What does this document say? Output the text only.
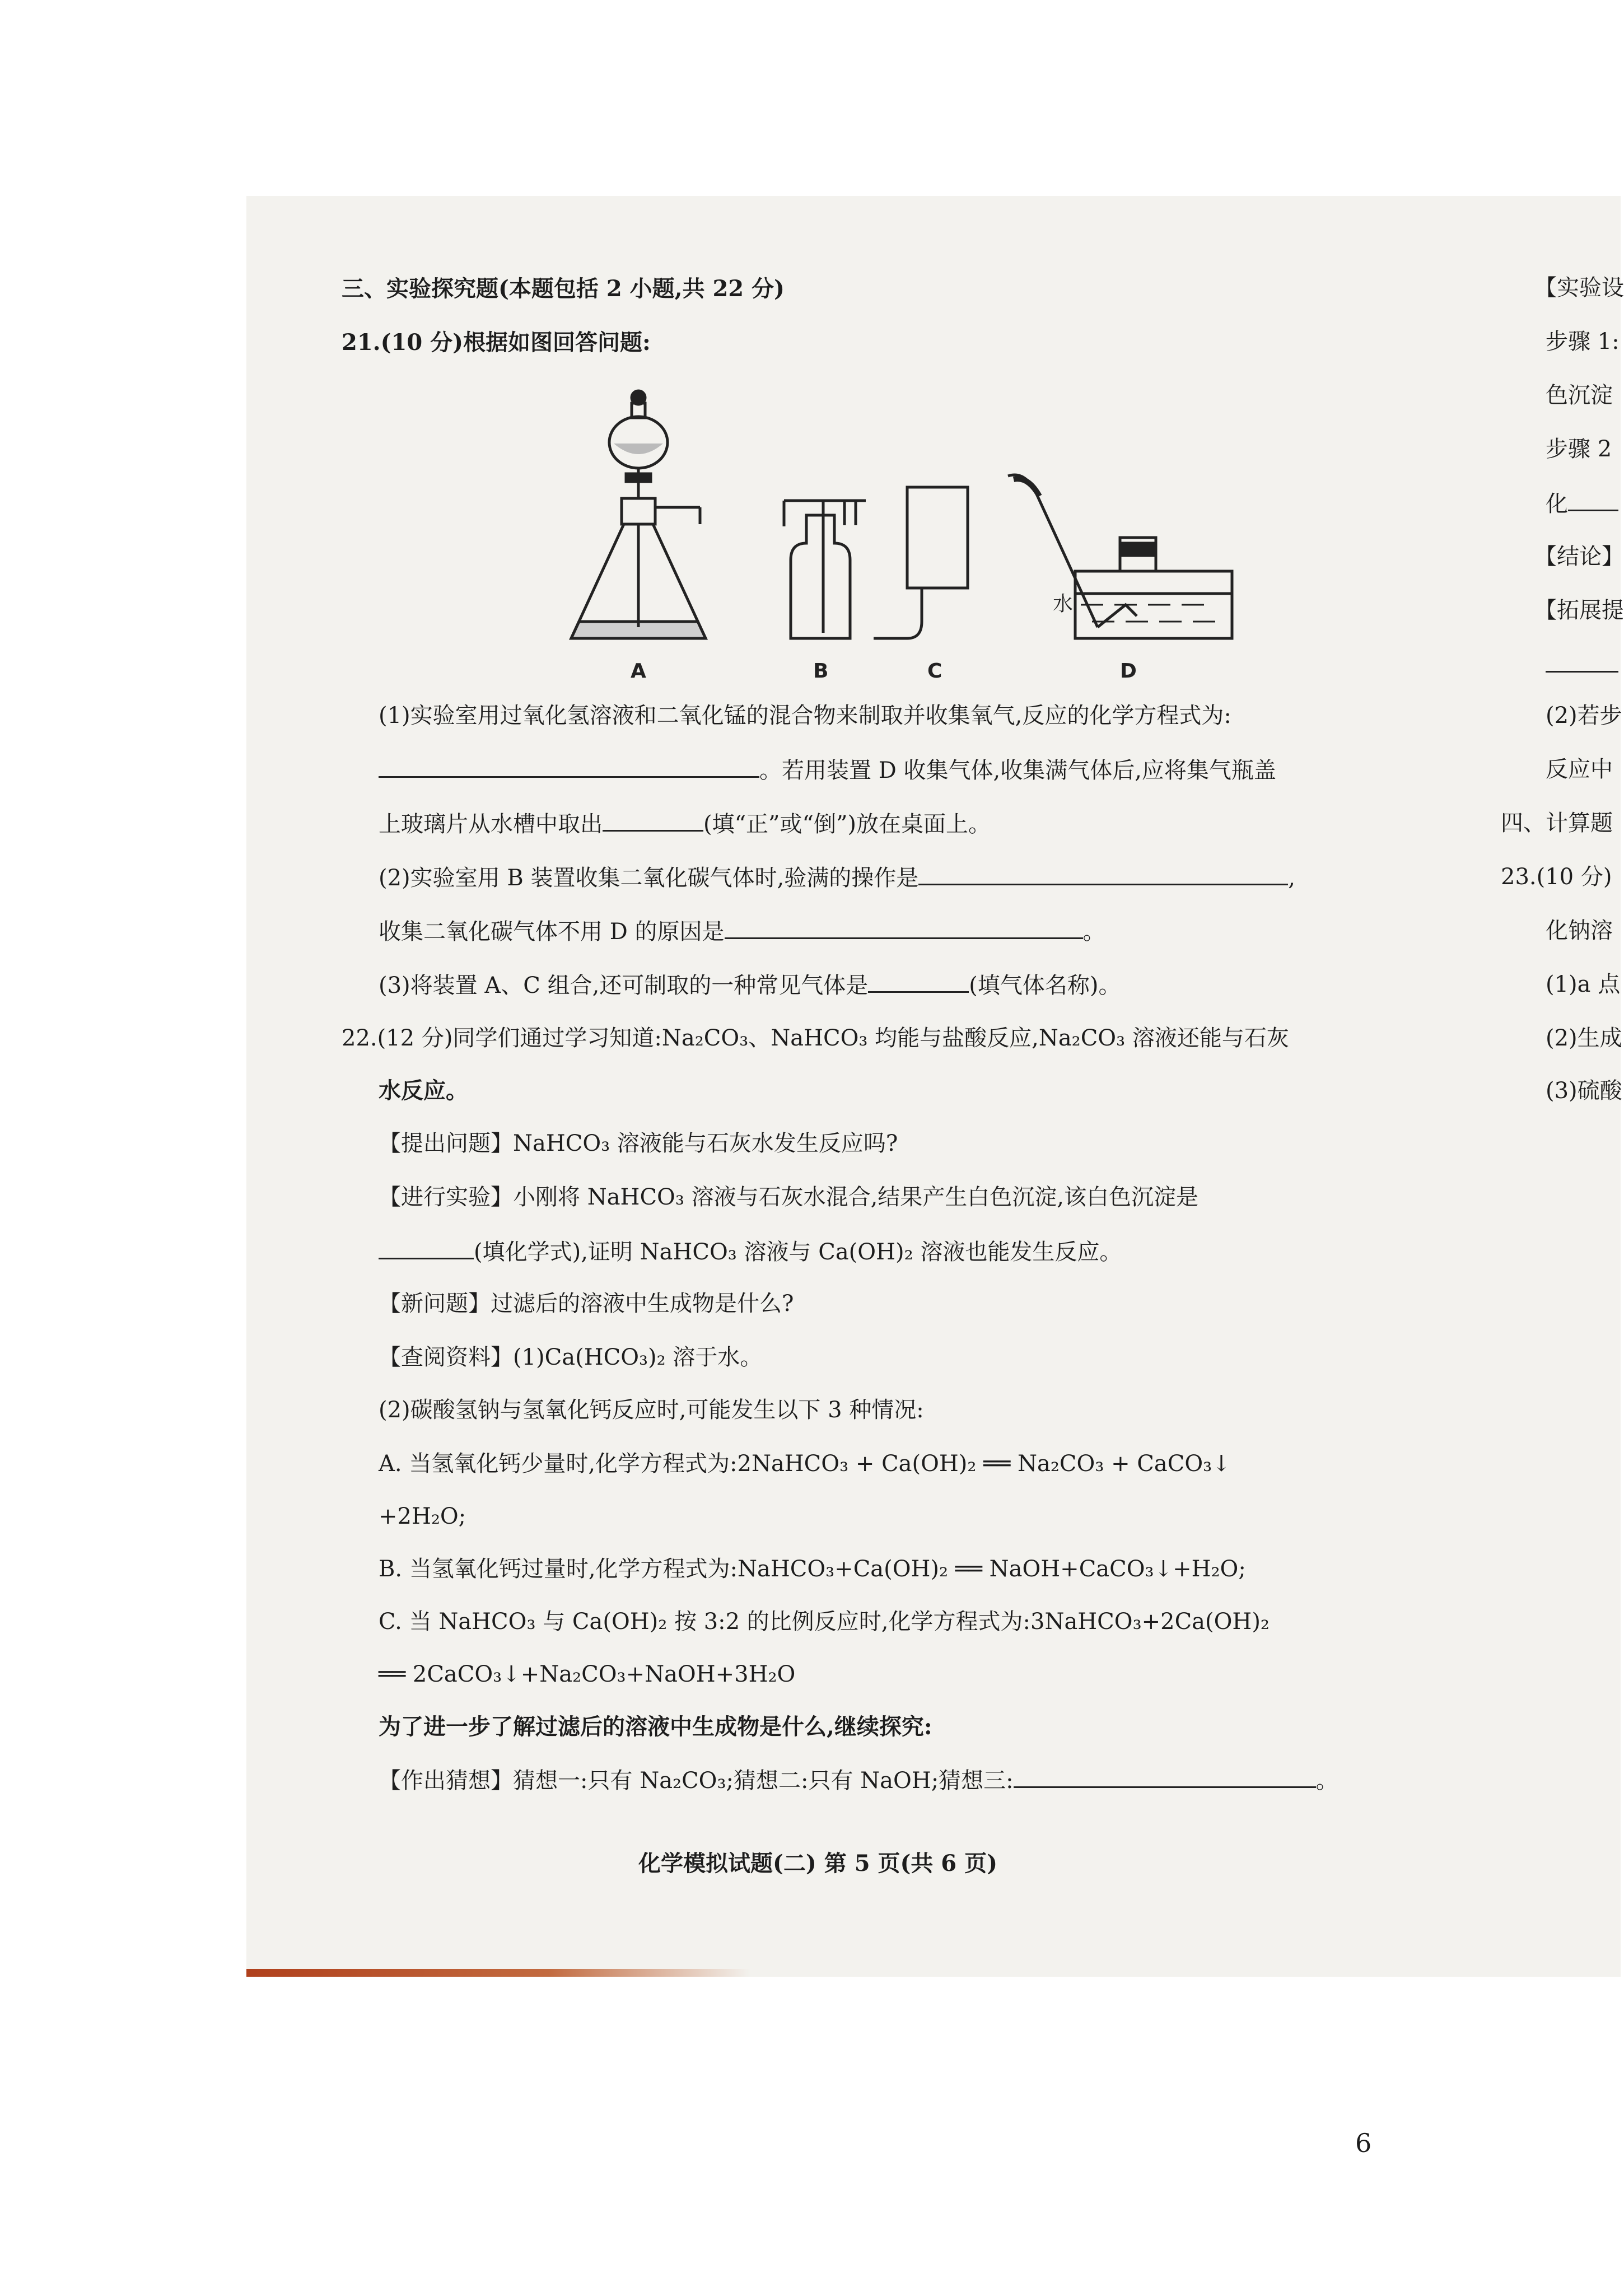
三、实验探究题(本题包括 2 小题,共 22 分)
21.(10 分)根据如图回答问题:
水
A	B	C	D
(1)实验室用过氧化氢溶液和二氧化锰的混合物来制取并收集氧气,反应的化学方程式为:
。若用装置 D 收集气体,收集满气体后,应将集气瓶盖
上玻璃片从水槽中取出	(填“正”或“倒”)放在桌面上。
(2)实验室用 B 装置收集二氧化碳气体时,验满的操作是	,
收集二氧化碳气体不用 D 的原因是	。
(3)将装置 A、C 组合,还可制取的一种常见气体是	(填气体名称)。
22.(12 分)同学们通过学习知道:Na₂CO₃、NaHCO₃ 均能与盐酸反应,Na₂CO₃ 溶液还能与石灰
水反应。
【提出问题】NaHCO₃ 溶液能与石灰水发生反应吗?
【进行实验】小刚将 NaHCO₃ 溶液与石灰水混合,结果产生白色沉淀,该白色沉淀是
(填化学式),证明 NaHCO₃ 溶液与 Ca(OH)₂ 溶液也能发生反应。
【新问题】过滤后的溶液中生成物是什么?
【查阅资料】(1)Ca(HCO₃)₂ 溶于水。
(2)碳酸氢钠与氢氧化钙反应时,可能发生以下 3 种情况:
A. 当氢氧化钙少量时,化学方程式为:2NaHCO₃ + Ca(OH)₂ ══ Na₂CO₃ + CaCO₃↓
+2H₂O;
B. 当氢氧化钙过量时,化学方程式为:NaHCO₃+Ca(OH)₂ ══ NaOH+CaCO₃↓+H₂O;
C. 当 NaHCO₃ 与 Ca(OH)₂ 按 3:2 的比例反应时,化学方程式为:3NaHCO₃+2Ca(OH)₂
══ 2CaCO₃↓+Na₂CO₃+NaOH+3H₂O
为了进一步了解过滤后的溶液中生成物是什么,继续探究:
【作出猜想】猜想一:只有 Na₂CO₃;猜想二:只有 NaOH;猜想三:	。
化学模拟试题(二) 第 5 页(共 6 页)
【实验设
步骤 1:
色沉淀
步骤 2
化
【结论】
【拓展提
(2)若步
反应中
四、计算题
23.(10 分)
化钠溶
(1)a 点
(2)生成
(3)硫酸
6
